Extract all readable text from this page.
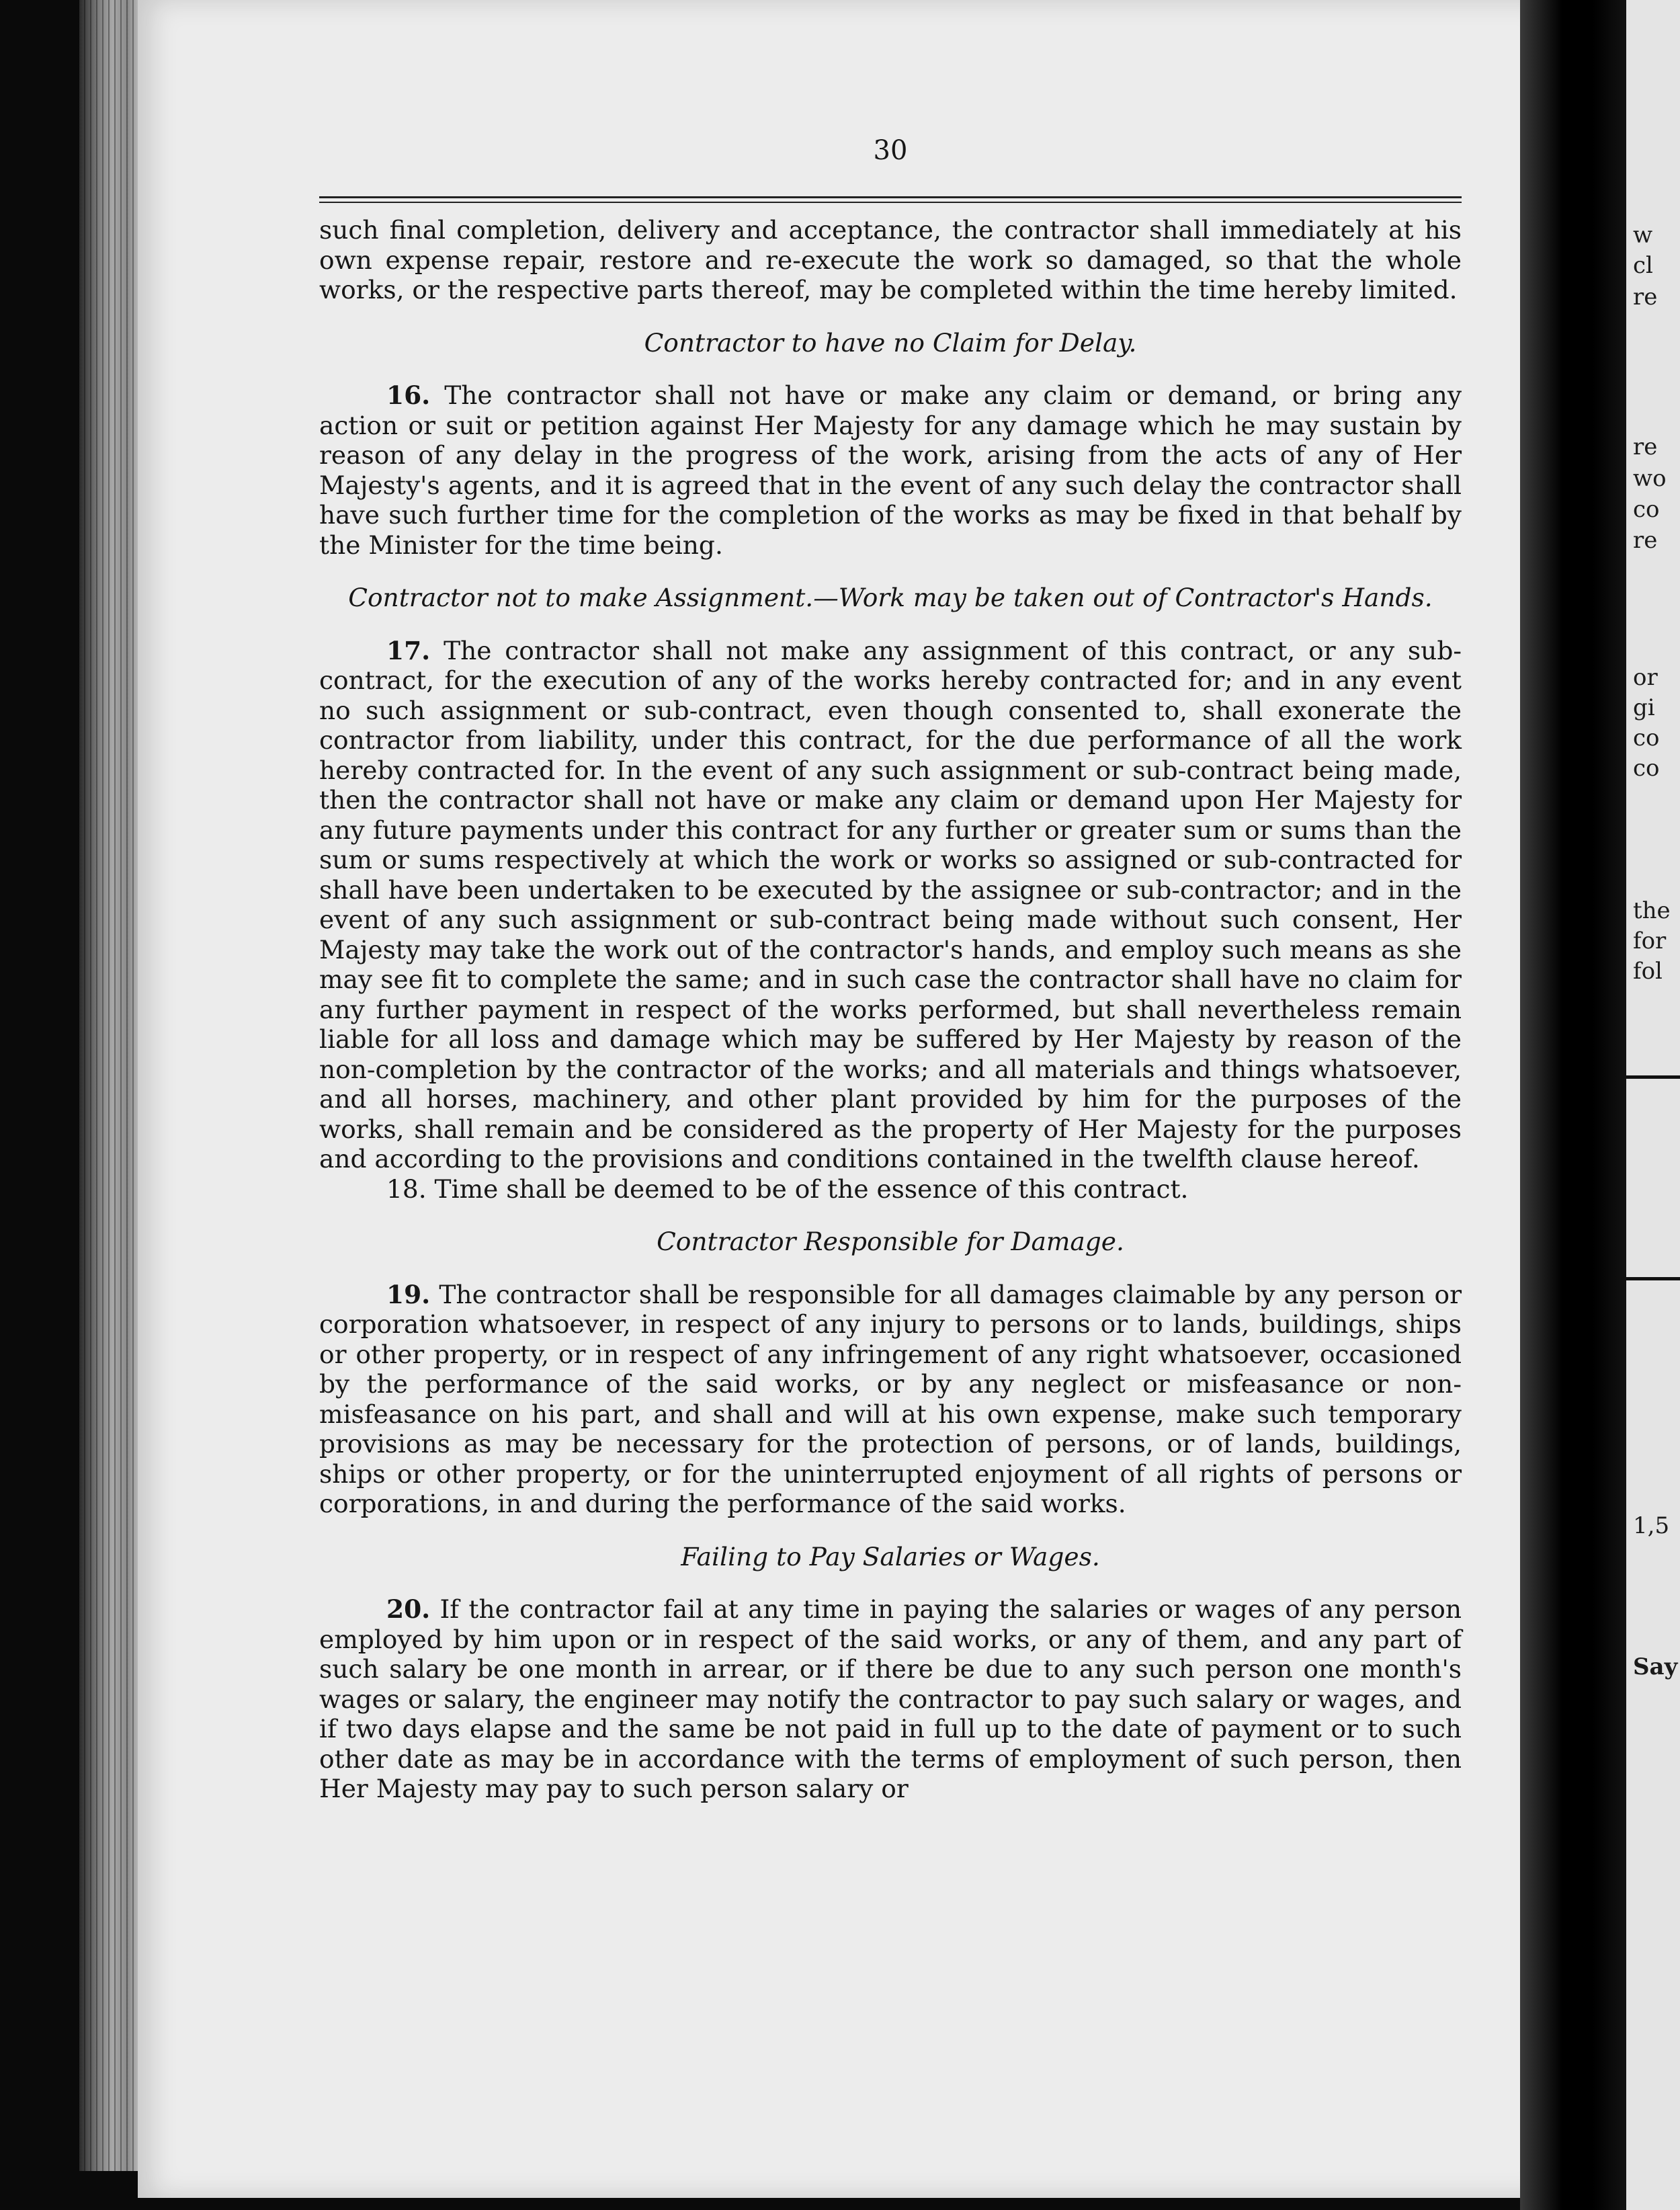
w
cl
re
re
wo
co
re
or
gi
co
co
the
for
fol
1,5
Say
30

such final completion, delivery and acceptance, the contractor shall immediately at his own expense repair, restore and re-execute the work so damaged, so that the whole works, or the respective parts thereof, may be completed within the time hereby limited.

Contractor to have no Claim for Delay.

16. The contractor shall not have or make any claim or demand, or bring any action or suit or petition against Her Majesty for any damage which he may sustain by reason of any delay in the progress of the work, arising from the acts of any of Her Majesty's agents, and it is agreed that in the event of any such delay the contractor shall have such further time for the completion of the works as may be fixed in that behalf by the Minister for the time being.

Contractor not to make Assignment.—Work may be taken out of Contractor's Hands.

17. The contractor shall not make any assignment of this contract, or any sub-contract, for the execution of any of the works hereby contracted for; and in any event no such assignment or sub-contract, even though consented to, shall exonerate the contractor from liability, under this contract, for the due performance of all the work hereby contracted for. In the event of any such assignment or sub-contract being made, then the contractor shall not have or make any claim or demand upon Her Majesty for any future payments under this contract for any further or greater sum or sums than the sum or sums respectively at which the work or works so assigned or sub-contracted for shall have been undertaken to be executed by the assignee or sub-contractor; and in the event of any such assignment or sub-contract being made without such consent, Her Majesty may take the work out of the contractor's hands, and employ such means as she may see fit to complete the same; and in such case the contractor shall have no claim for any further payment in respect of the works performed, but shall nevertheless remain liable for all loss and damage which may be suffered by Her Majesty by reason of the non-completion by the contractor of the works; and all materials and things whatsoever, and all horses, machinery, and other plant provided by him for the purposes of the works, shall remain and be considered as the property of Her Majesty for the purposes and according to the provisions and conditions contained in the twelfth clause hereof.

18. Time shall be deemed to be of the essence of this contract.

Contractor Responsible for Damage.

19. The contractor shall be responsible for all damages claimable by any person or corporation whatsoever, in respect of any injury to persons or to lands, buildings, ships or other property, or in respect of any infringement of any right whatsoever, occasioned by the performance of the said works, or by any neglect or misfeasance or non-misfeasance on his part, and shall and will at his own expense, make such temporary provisions as may be necessary for the protection of persons, or of lands, buildings, ships or other property, or for the uninterrupted enjoyment of all rights of persons or corporations, in and during the performance of the said works.

Failing to Pay Salaries or Wages.

20. If the contractor fail at any time in paying the salaries or wages of any person employed by him upon or in respect of the said works, or any of them, and any part of such salary be one month in arrear, or if there be due to any such person one month's wages or salary, the engineer may notify the contractor to pay such salary or wages, and if two days elapse and the same be not paid in full up to the date of payment or to such other date as may be in accordance with the terms of employment of such person, then Her Majesty may pay to such person salary or
